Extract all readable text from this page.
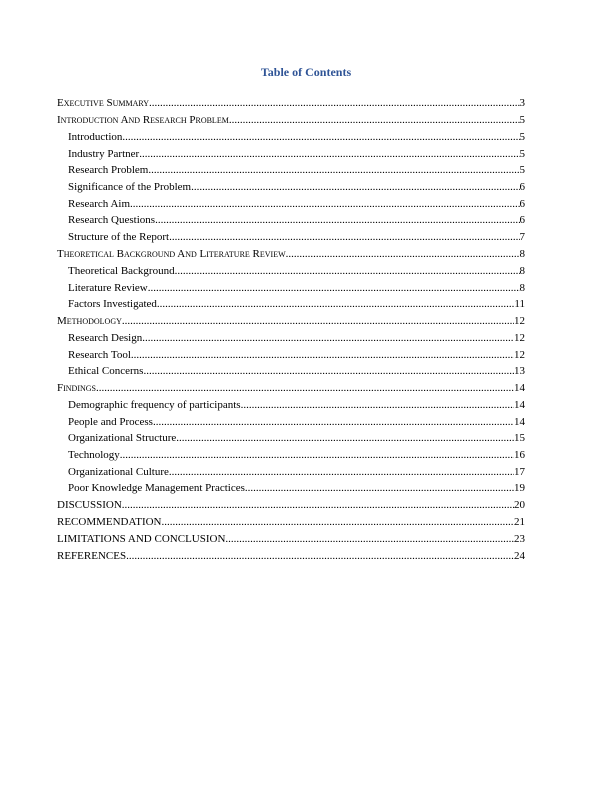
Table of Contents
Executive Summary .....	3
Introduction And Research Problem .....	5
Introduction .....	5
Industry Partner .....	5
Research Problem .....	5
Significance of the Problem .....	6
Research Aim .....	6
Research Questions .....	6
Structure of the Report .....	7
Theoretical Background And Literature Review .....	8
Theoretical Background .....	8
Literature Review .....	8
Factors Investigated .....	11
Methodology .....	12
Research Design .....	12
Research Tool .....	12
Ethical Concerns .....	13
Findings .....	14
Demographic frequency of participants .....	14
People and Process .....	14
Organizational Structure .....	15
Technology .....	16
Organizational Culture .....	17
Poor Knowledge Management Practices .....	19
DISCUSSION .....	20
RECOMMENDATION .....	21
LIMITATIONS AND CONCLUSION .....	23
REFERENCES .....	24
